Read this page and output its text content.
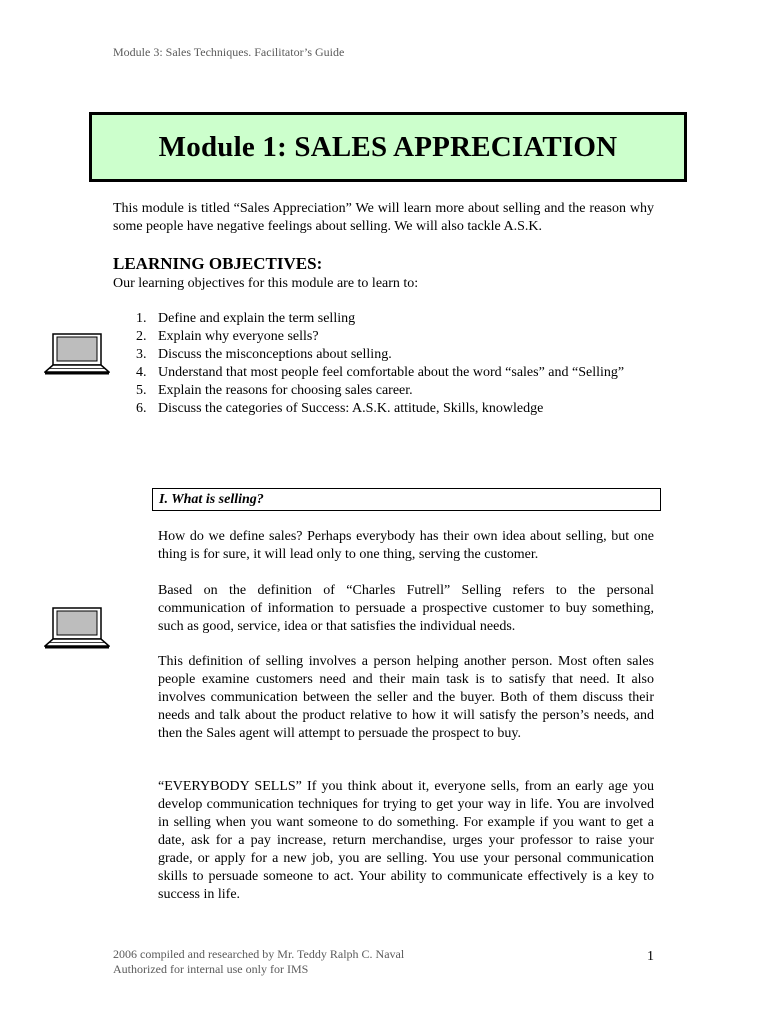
Module 3: Sales Techniques. Facilitator’s Guide
Module 1: SALES APPRECIATION

This module is titled “Sales Appreciation” We will learn more about selling and the reason why some people have negative feelings about selling. We will also tackle A.S.K.

LEARNING OBJECTIVES:

Our learning objectives for this module are to learn to:

1. Define and explain the term selling
2. Explain why everyone sells?
3. Discuss the misconceptions about selling.
4. Understand that most people feel comfortable about the word “sales” and “Selling”
5. Explain the reasons for choosing sales career.
6. Discuss the categories of Success: A.S.K. attitude, Skills, knowledge
I. What is selling?

How do we define sales? Perhaps everybody has their own idea about selling, but one thing is for sure, it will lead only to one thing, serving the customer.

Based on the definition of “Charles Futrell” Selling refers to the personal communication of information to persuade a prospective customer to buy something, such as good, service, idea or that satisfies the individual needs.

This definition of selling involves a person helping another person. Most often sales people examine customers need and their main task is to satisfy that need. It also involves communication between the seller and the buyer. Both of them discuss their needs and talk about the product relative to how it will satisfy the person’s needs, and then the Sales agent will attempt to persuade the prospect to buy.

“EVERYBODY SELLS” If you think about it, everyone sells, from an early age you develop communication techniques for trying to get your way in life. You are involved in selling when you want someone to do something. For example if you want to get a date, ask for a pay increase, return merchandise, urges your professor to raise your grade, or apply for a new job, you are selling. You use your personal communication skills to persuade someone to act. Your ability to communicate effectively is a key to success in life.

2006 compiled and researched by Mr. Teddy Ralph C. Naval
Authorized for internal use only for IMS
1
